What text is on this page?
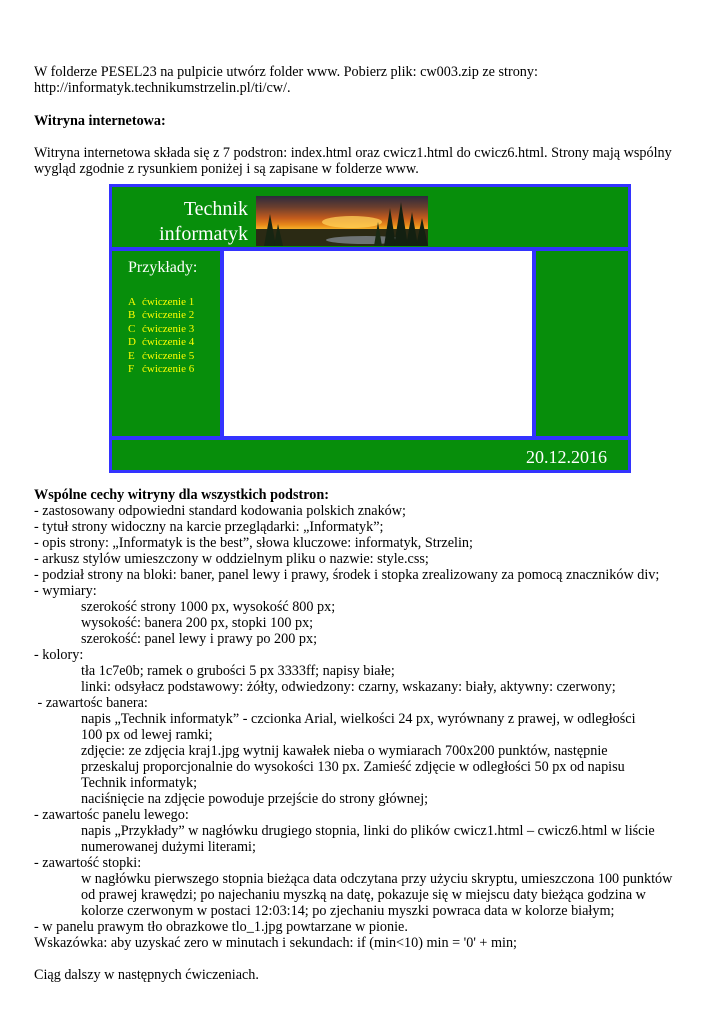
W folderze PESEL23 na pulpicie utwórz folder www. Pobierz plik: cw003.zip ze strony:
http://informatyk.technikumstrzelin.pl/ti/cw/.
Witryna internetowa:
Witryna internetowa składa się z 7 podstron: index.html oraz cwicz1.html do cwicz6.html. Strony mają wspólny
wygląd zgodnie z rysunkiem poniżej i są zapisane w folderze www.
Technik
informatyk
Przykłady:
A ćwiczenie 1
B ćwiczenie 2
C ćwiczenie 3
D ćwiczenie 4
E ćwiczenie 5
F ćwiczenie 6
20.12.2016
Wspólne cechy witryny dla wszystkich podstron:
- zastosowany odpowiedni standard kodowania polskich znaków;
- tytuł strony widoczny na karcie przeglądarki: „Informatyk”;
- opis strony: „Informatyk is the best”, słowa kluczowe: informatyk, Strzelin;
- arkusz stylów umieszczony w oddzielnym pliku o nazwie: style.css;
- podział strony na bloki: baner, panel lewy i prawy, środek i stopka zrealizowany za pomocą znaczników div;
- wymiary:
szerokość strony 1000 px, wysokość 800 px;
wysokość: banera 200 px, stopki 100 px;
szerokość: panel lewy i prawy po 200 px;
- kolory:
tła 1c7e0b; ramek o grubości 5 px 3333ff; napisy białe;
linki: odsyłacz podstawowy: żółty, odwiedzony: czarny, wskazany: biały, aktywny: czerwony;
- zawartośc banera:
napis „Technik informatyk” - czcionka Arial, wielkości 24 px, wyrównany z prawej, w odległości
100 px od lewej ramki;
zdjęcie: ze zdjęcia kraj1.jpg wytnij kawałek nieba o wymiarach 700x200 punktów, następnie
przeskaluj proporcjonalnie do wysokości 130 px. Zamieść zdjęcie w odległości 50 px od napisu
Technik informatyk;
naciśnięcie na zdjęcie powoduje przejście do strony głównej;
- zawartośc panelu lewego:
napis „Przykłady” w nagłówku drugiego stopnia, linki do plików cwicz1.html – cwicz6.html w liście
numerowanej dużymi literami;
- zawartość stopki:
w nagłówku pierwszego stopnia bieżąca data odczytana przy użyciu skryptu, umieszczona 100 punktów
od prawej krawędzi; po najechaniu myszką na datę, pokazuje się w miejscu daty bieżąca godzina w
kolorze czerwonym w postaci 12:03:14; po zjechaniu myszki powraca data w kolorze białym;
- w panelu prawym tło obrazkowe tlo_1.jpg powtarzane w pionie.
Wskazówka: aby uzyskać zero w minutach i sekundach: if (min<10) min = '0' + min;
Ciąg dalszy w następnych ćwiczeniach.
